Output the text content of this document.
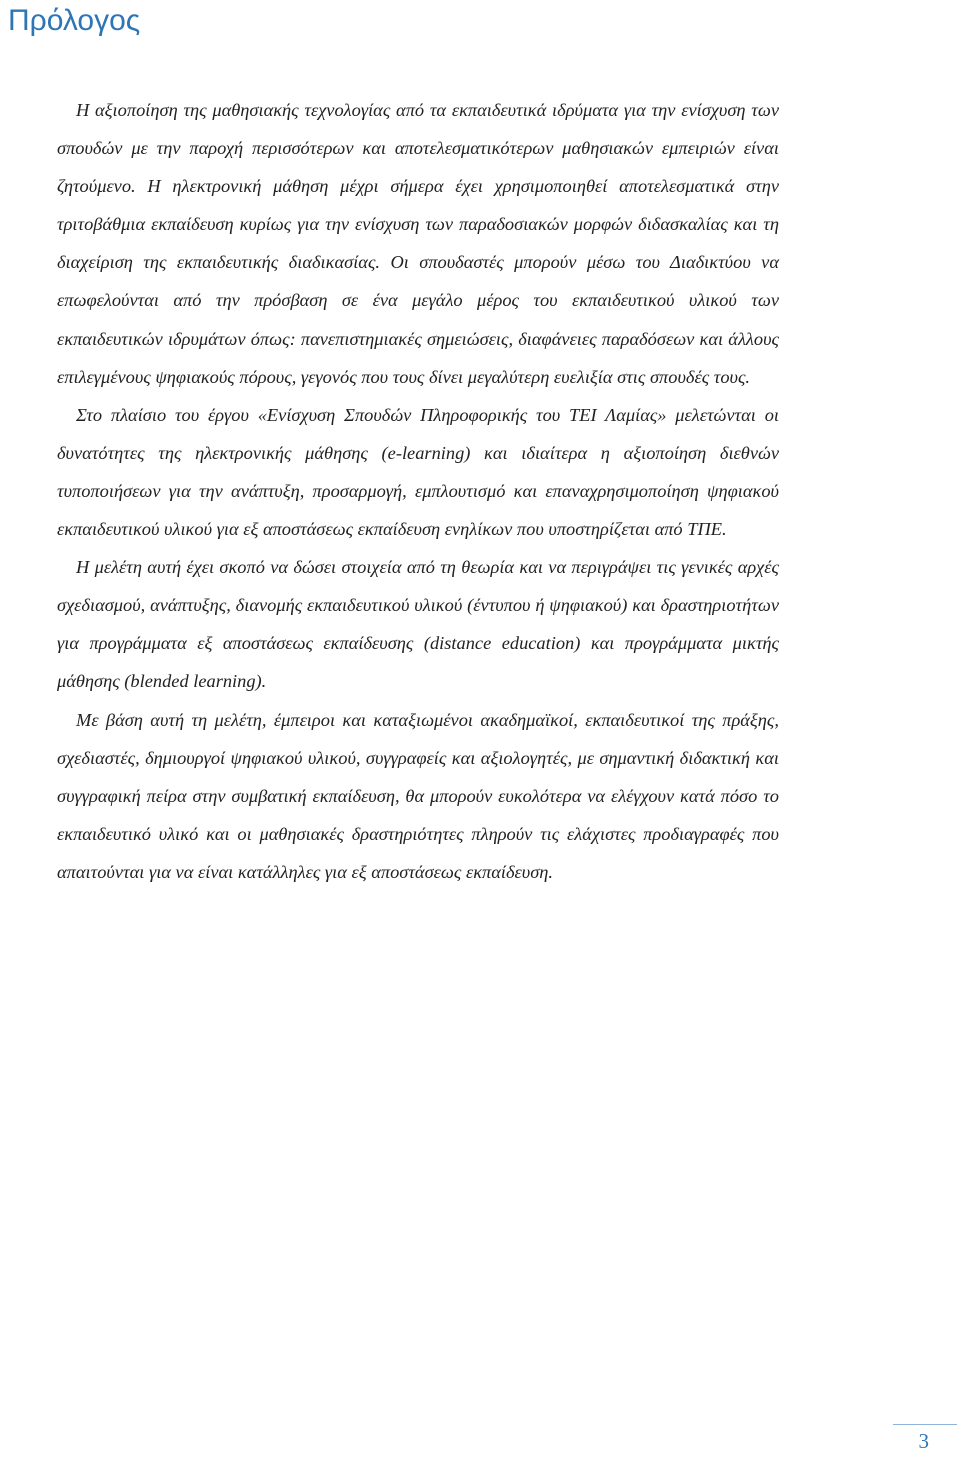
Πρόλογος

Η αξιοποίηση της μαθησιακής τεχνολογίας από τα εκπαιδευτικά ιδρύματα για την ενίσχυση των σπουδών με την παροχή περισσότερων και αποτελεσματικότερων μαθησιακών εμπειριών είναι ζητούμενο. Η ηλεκτρονική μάθηση μέχρι σήμερα έχει χρησιμοποιηθεί αποτελεσματικά στην τριτοβάθμια εκπαίδευση κυρίως για την ενίσχυση των παραδοσιακών μορφών διδασκαλίας και τη διαχείριση της εκπαιδευτικής διαδικασίας. Οι σπουδαστές μπορούν μέσω του Διαδικτύου να επωφελούνται από την πρόσβαση σε ένα μεγάλο μέρος του εκπαιδευτικού υλικού των εκπαιδευτικών ιδρυμάτων όπως: πανεπιστημιακές σημειώσεις, διαφάνειες παραδόσεων και άλλους επιλεγμένους ψηφιακούς πόρους, γεγονός που τους δίνει μεγαλύτερη ευελιξία στις σπουδές τους.

Στο πλαίσιο του έργου «Ενίσχυση Σπουδών Πληροφορικής του ΤΕΙ Λαμίας» μελετώνται οι δυνατότητες της ηλεκτρονικής μάθησης (e-learning) και ιδιαίτερα η αξιοποίηση διεθνών τυποποιήσεων για την ανάπτυξη, προσαρμογή, εμπλουτισμό και επαναχρησιμοποίηση ψηφιακού εκπαιδευτικού υλικού για εξ αποστάσεως εκπαίδευση ενηλίκων που υποστηρίζεται από ΤΠΕ.

Η μελέτη αυτή έχει σκοπό να δώσει στοιχεία από τη θεωρία και να περιγράψει τις γενικές αρχές σχεδιασμού, ανάπτυξης, διανομής εκπαιδευτικού υλικού (έντυπου ή ψηφιακού) και δραστηριοτήτων για προγράμματα εξ αποστάσεως εκπαίδευσης (distance education) και προγράμματα μικτής μάθησης (blended learning).

Με βάση αυτή τη μελέτη, έμπειροι και καταξιωμένοι ακαδημαϊκοί, εκπαιδευτικοί της πράξης, σχεδιαστές, δημιουργοί ψηφιακού υλικού, συγγραφείς και αξιολογητές, με σημαντική διδακτική και συγγραφική πείρα στην συμβατική εκπαίδευση, θα μπορούν ευκολότερα να ελέγχουν κατά πόσο το εκπαιδευτικό υλικό και οι μαθησιακές δραστηριότητες πληρούν τις ελάχιστες προδιαγραφές που απαιτούνται για να είναι κατάλληλες για εξ αποστάσεως εκπαίδευση.

3
